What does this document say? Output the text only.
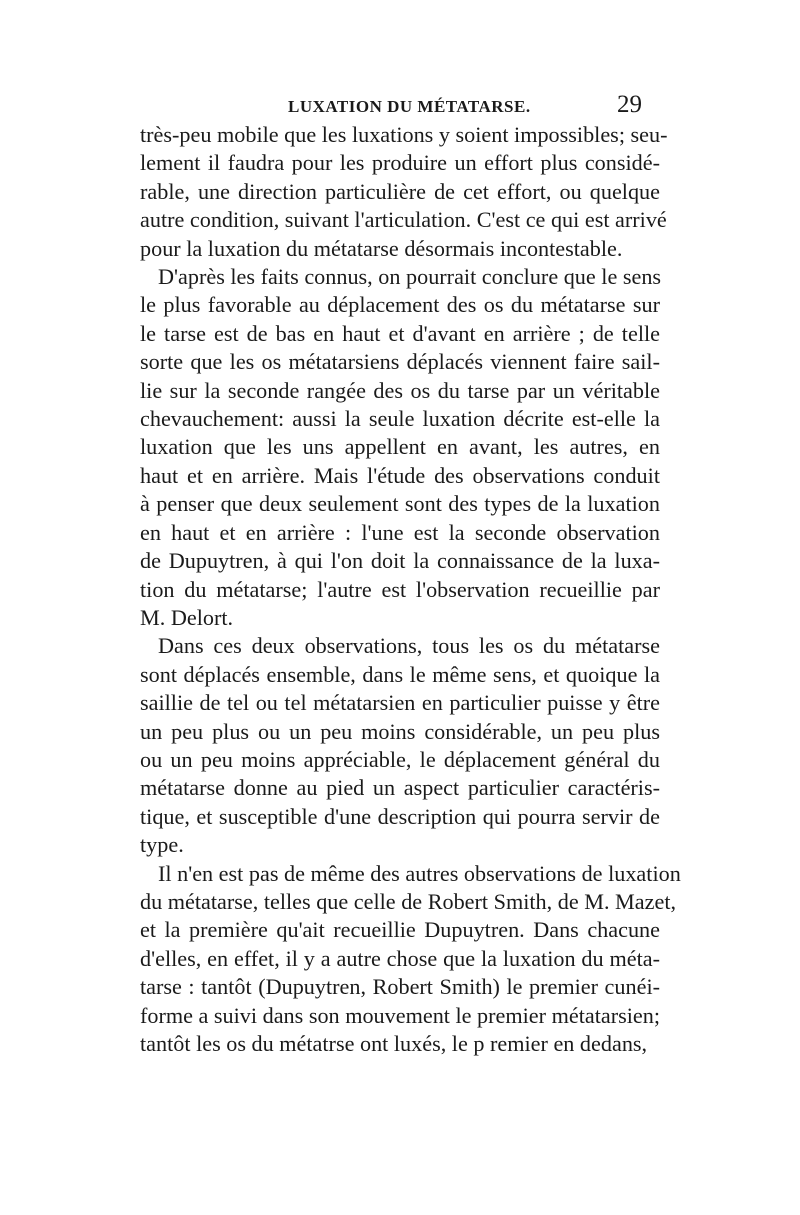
LUXATION DU MÉTATARSE.	29
très-peu mobile que les luxations y soient impossibles; seu-
lement il faudra pour les produire un effort plus considé-
rable, une direction particulière de cet effort, ou quelque
autre condition, suivant l'articulation. C'est ce qui est arrivé
pour la luxation du métatarse désormais incontestable.
D'après les faits connus, on pourrait conclure que le sens
le plus favorable au déplacement des os du métatarse sur
le tarse est de bas en haut et d'avant en arrière ; de telle
sorte que les os métatarsiens déplacés viennent faire sail-
lie sur la seconde rangée des os du tarse par un véritable
chevauchement: aussi la seule luxation décrite est-elle la
luxation que les uns appellent en avant, les autres, en
haut et en arrière. Mais l'étude des observations conduit
à penser que deux seulement sont des types de la luxation
en haut et en arrière : l'une est la seconde observation
de Dupuytren, à qui l'on doit la connaissance de la luxa-
tion du métatarse; l'autre est l'observation recueillie par
M. Delort.
Dans ces deux observations, tous les os du métatarse
sont déplacés ensemble, dans le même sens, et quoique la
saillie de tel ou tel métatarsien en particulier puisse y être
un peu plus ou un peu moins considérable, un peu plus
ou un peu moins appréciable, le déplacement général du
métatarse donne au pied un aspect particulier caractéris-
tique, et susceptible d'une description qui pourra servir de
type.
Il n'en est pas de même des autres observations de luxation
du métatarse, telles que celle de Robert Smith, de M. Mazet,
et la première qu'ait recueillie Dupuytren. Dans chacune
d'elles, en effet, il y a autre chose que la luxation du méta-
tarse : tantôt (Dupuytren, Robert Smith) le premier cunéi-
forme a suivi dans son mouvement le premier métatarsien;
tantôt les os du métatrse ont luxés, le p remier en dedans,
